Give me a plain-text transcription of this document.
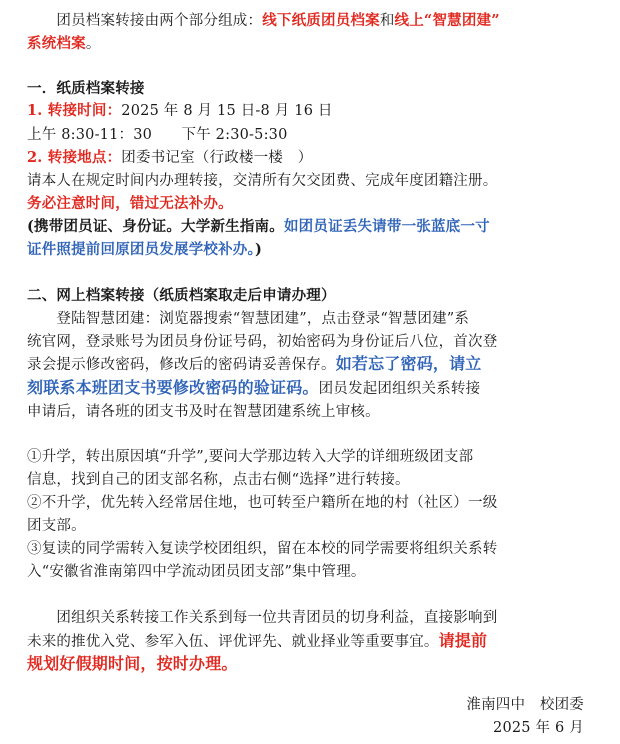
　　团员档案转接由两个部分组成：线下纸质团员档案和线上“智慧团建”
系统档案。
一．纸质档案转接
1. 转接时间：2025 年 8 月 15 日-8 月 16 日
上午 8:30-11：30　　下午 2:30-5:30
2. 转接地点：团委书记室（行政楼一楼　）
请本人在规定时间内办理转接，交清所有欠交团费、完成年度团籍注册。
务必注意时间，错过无法补办。
(携带团员证、身份证。大学新生指南。如团员证丢失请带一张蓝底一寸
证件照提前回原团员发展学校补办。)
二、网上档案转接（纸质档案取走后申请办理）
　　登陆智慧团建：浏览器搜索“智慧团建”，点击登录“智慧团建”系
统官网，登录账号为团员身份证号码，初始密码为身份证后八位，首次登
录会提示修改密码，修改后的密码请妥善保存。如若忘了密码，请立
刻联系本班团支书要修改密码的验证码。团员发起团组织关系转接
申请后，请各班的团支书及时在智慧团建系统上审核。
①升学，转出原因填“升学”,要问大学那边转入大学的详细班级团支部
信息，找到自己的团支部名称，点击右侧“选择”进行转接。
②不升学，优先转入经常居住地，也可转至户籍所在地的村（社区）一级
团支部。
③复读的同学需转入复读学校团组织，留在本校的同学需要将组织关系转
入“安徽省淮南第四中学流动团员团支部”集中管理。
　　团组织关系转接工作关系到每一位共青团员的切身利益，直接影响到
未来的推优入党、参军入伍、评优评先、就业择业等重要事宜。请提前
规划好假期时间，按时办理。
淮南四中　校团委
2025 年 6 月
